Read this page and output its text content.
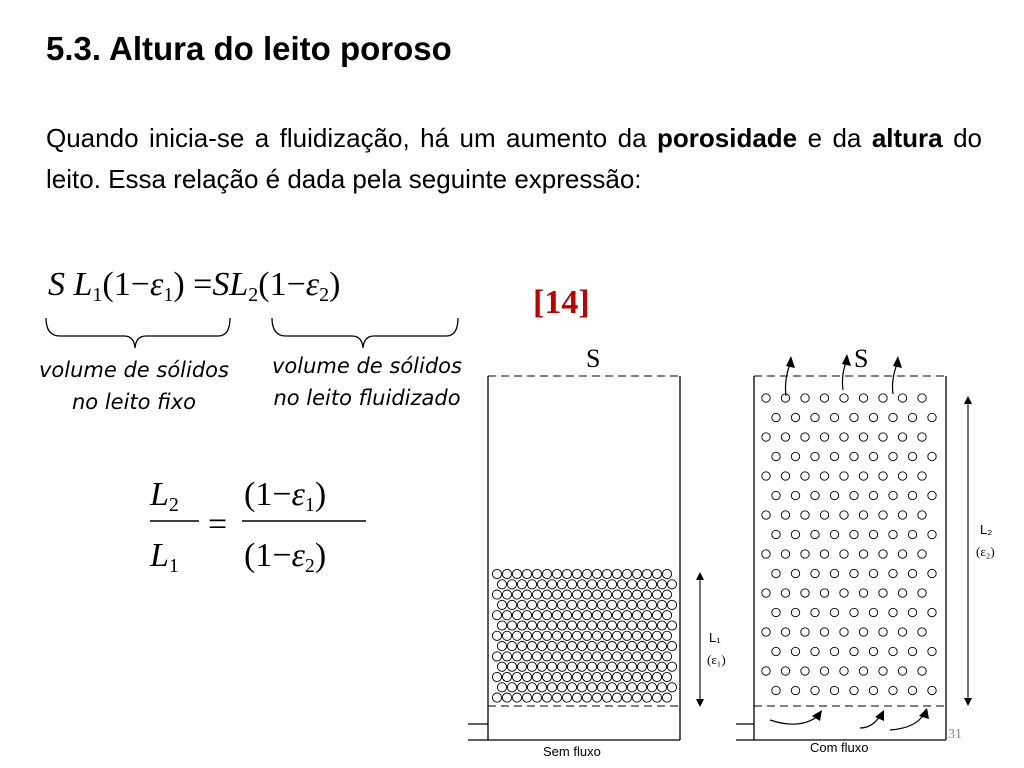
5.3. Altura do leito poroso
Quando inicia-se a fluidização, há um aumento da porosidade e da altura do leito. Essa relação é dada pela seguinte expressão:
S $L_1(1-\varepsilon_1) =SL_2(1-\varepsilon_2)$	[14]
volume de sólidos no leito fixo
volume de sólidos no leito fluidizado
$L_2$
$L_1$
=
$(1-\varepsilon_1)$
$(1-\varepsilon_2)$
S	S
L₁
(ε₁)
L₂
(ε₂)
Sem fluxo	Com fluxo
31
